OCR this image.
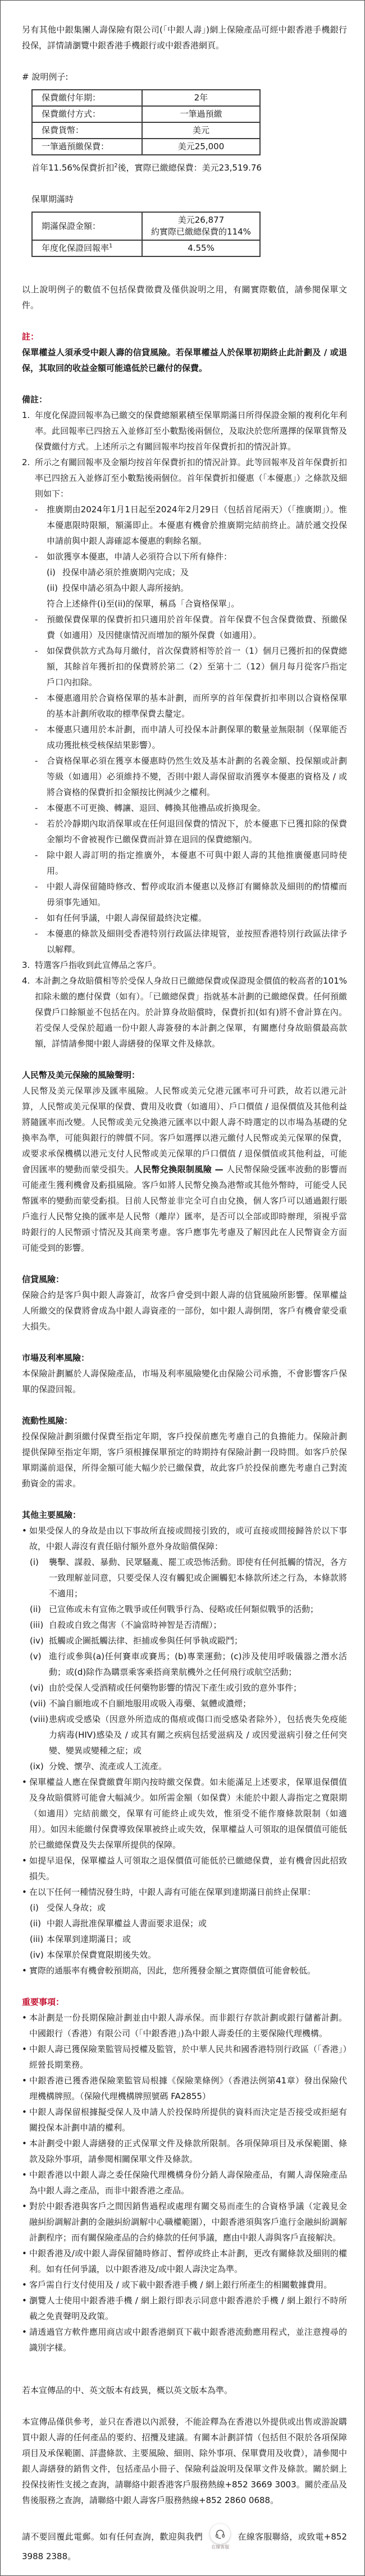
另有其他中銀集團人壽保險有限公司(「中銀人壽」)網上保險產品可經中銀香港手機銀行投保，詳情請瀏覽中銀香港手機銀行或中銀香港網頁。

# 說明例子:

保費繳付年期：	2年
保費繳付方式：	一筆過預繳
保費貨幣：	美元
一筆過預繳保費：	美元25,000

首年11.56%保費折扣$^2$後，實際已繳總保費：美元23,519.76

保單期滿時

期滿保證金額：	美元26,877
約實際已繳總保費的114%

年度化保證回報率$^1$	4.55%

以上說明例子的數值不包括保費徵費及僅供說明之用，有關實際數值，請參閱保單文件。

註：

保單權益人須承受中銀人壽的信貸風險。若保單權益人於保單初期終止此計劃及 / 或退保，其取回的收益金額可能遠低於已繳付的保費。

備註：

1. 年度化保證回報率為已繳交的保費總額累積至保單期滿日所得保證金額的複利化年利率。此回報率已四捨五入並修訂至小數點後兩個位，及取決於您所選擇的保單貨幣及保費繳付方式。上述所示之有關回報率均按首年保費折扣的情況計算。
2. 所示之有關回報率及金額均按首年保費折扣的情況計算。此等回報率及首年保費折扣率已四捨五入並修訂至小數點後兩個位。首年保費折扣優惠（「本優惠」）之條款及細則如下：
-	推廣期由2024年1月1日起至2024年2月29日（包括首尾兩天）（「推廣期」）。惟本優惠限時限額，額滿即止。本優惠有機會於推廣期完結前終止。請於遞交投保申請前與中銀人壽確認本優惠的剩餘名額。
-	如欲獲享本優惠，申請人必須符合以下所有條件：
(i) 投保申請必須於推廣期內完成；及
(ii) 投保申請必須為中銀人壽所接納。
符合上述條件(i)至(ii)的保單，稱爲「合資格保單」。
-	預繳保費保單的保費折扣只適用於首年保費。首年保費不包含保費徵費、預繳保費（如適用）及因健康情況而增加的額外保費（如適用）。
-	如保費供款方式為每月繳付，首次保費將相等於首一（1）個月已獲折扣的保費總額，其餘首年獲折扣的保費將於第二（2）至第十二（12）個月每月從客戶指定戶口內扣除。
-	本優惠適用於合資格保單的基本計劃，而所享的首年保費折扣率則以合資格保單的基本計劃所收取的標準保費去釐定。
-	本優惠只適用於本計劃，而申請人可投保本計劃保單的數量並無限制（保單能否成功獲批核受核保結果影響）。
-	合資格保單必須在獲享本優惠時仍然生效及基本計劃的名義金額、投保額或計劃等級（如適用）必須維持不變，否則中銀人壽保留取消獲享本優惠的資格及 / 或將合資格的保費折扣金額按比例減少之權利。
-	本優惠不可更換、轉讓、退回、轉換其他禮品或折換現金。
-	若於冷靜期內取消保單或在任何退回保費的情況下，於本優惠下已獲扣除的保費金額均不會被視作已繳保費而計算在退回的保費總額內。
-	除中銀人壽訂明的指定推廣外，本優惠不可與中銀人壽的其他推廣優惠同時使用。
-	中銀人壽保留隨時修改、暫停或取消本優惠以及修訂有關條款及細則的酌情權而毋須事先通知。
-	如有任何爭議，中銀人壽保留最終決定權。
-	本優惠的條款及細則受香港特別行政區法律規管，並按照香港特別行政區法律予以解釋。
3. 特選客戶指收到此宣傳品之客戶。
4. 本計劃之身故賠償相等於受保人身故日已繳總保費或保證現金價值的較高者的101%扣除未繳的應付保費（如有）。「已繳總保費」指就基本計劃的已繳總保費。任何預繳保費戶口餘額並不包括在內。於計算身故賠償時，保費折扣(如有)將不會計算在內。若受保人受保於超過一份中銀人壽簽發的本計劃之保單，有關應付身故賠償最高款額，詳情請參閱中銀人壽繕發的保單文件及條款。

人民幣及美元保險的風險聲明：

人民幣及美元保單涉及匯率風險。人民幣或美元兌港元匯率可升可跌，故若以港元計算，人民幣或美元保單的保費、費用及收費（如適用）、戶口價值 / 退保價值及其他利益將隨匯率而改變。人民幣或美元兌換港元匯率以中銀人壽不時選定的以市場為基礎的兌換率為準，可能與銀行的牌價不同。客戶如選擇以港元繳付人民幣或美元保單的保費，或要求承保機構以港元支付人民幣或美元保單的戶口價值 / 退保價值或其他利益，可能會因匯率的變動而蒙受損失。人民幣兌換限制風險 — 人民幣保險受匯率波動的影響而可能產生獲利機會及虧損風險。客戶如將人民幣兌換為港幣或其他外幣時，可能受人民幣匯率的變動而蒙受虧損。目前人民幣並非完全可自由兌換，個人客戶可以通過銀行賬戶進行人民幣兌換的匯率是人民幣（離岸）匯率，是否可以全部或即時辦理，須視乎當時銀行的人民幣頭寸情況及其商業考慮。客戶應事先考慮及了解因此在人民幣資金方面可能受到的影響。

信貸風險：

保險合約是客戶與中銀人壽簽訂，故客戶會受到中銀人壽的信貸風險所影響。保單權益人所繳交的保費將會成為中銀人壽資產的一部份，如中銀人壽倒閉，客戶有機會蒙受重大損失。

市場及利率風險：

本保險計劃屬於人壽保險產品，市場及利率風險變化由保險公司承擔，不會影響客戶保單的保證回報。

流動性風險：

投保保險計劃須繳付保費至指定年期，客戶投保前應先考慮自己的負擔能力。保險計劃提供保障至指定年期，客戶須根據保單預定的時期持有保險計劃一段時間。如客戶於保單期滿前退保，所得金額可能大幅少於已繳保費，故此客戶於投保前應先考慮自己對流動資金的需求。

其他主要風險：

• 如果受保人的身故是由以下事故所直接或間接引致的，或可直接或間接歸咎於以下事故，中銀人壽沒有責任賠付額外意外身故賠償保障：
(i)	襲擊、謀殺、暴動、民眾騷亂、罷工或恐怖活動。即使有任何抵觸的情況，各方一致理解並同意，只要受保人沒有觸犯或企圖觸犯本條款所述之行為，本條款將不適用；
(ii) 已宣佈或未有宣佈之戰爭或任何戰爭行為、侵略或任何類似戰爭的活動；
(iii) 自殺或自致之傷害（不論當時神智是否清醒）；
(iv) 抵觸或企圖抵觸法律、拒捕或參與任何爭執或毆鬥；
(v) 進行或參與(a)任何賽車或賽馬；(b)專業運動；(c)涉及使用呼吸儀器之潛水活動；或(d)除作為購票乘客乘搭商業航機外之任何飛行或航空活動；
(vi) 由於受保人受酒精或任何藥物影響的情況下產生或引致的意外事件；
(vii) 不論自願地或不自願地服用或吸入毒藥、氣體或濃煙；
(viii) 患病或受感染（因意外所造成的傷痕或傷口而受感染者除外），包括喪失免疫能力病毒(HIV)感染及 / 或其有關之疾病包括愛滋病及 / 或因愛滋病引發之任何突變、變異或變種之症；或
(ix) 分娩、懷孕、流產或人工流產。
• 保單權益人應在保費繳費年期內按時繳交保費。如未能滿足上述要求，保單退保價值及身故賠償將可能會大幅減少。如所需金額（如保費）未能於中銀人壽指定之寬限期（如適用）完結前繳交，保單有可能終止或失效，惟須受不能作廢條款限制（如適用）。如因未能繳付保費導致保單被終止或失效，保單權益人可領取的退保價值可能低於已繳總保費及失去保單所提供的保障。
• 如提早退保，保單權益人可領取之退保價值可能低於已繳總保費，並有機會因此招致損失。
• 在以下任何一種情況發生時，中銀人壽有可能在保單到達期滿日前終止保單：
(i) 受保人身故；或
(ii) 中銀人壽批准保單權益人書面要求退保；或
(iii) 本保單到達期滿日；或
(iv) 本保單於保費寬限期後失效。
• 實際的通脹率有機會較預期高，因此，您所獲發金額之實際價值可能會較低。

重要事項：

• 本計劃是一份長期保險計劃並由中銀人壽承保。而非銀行存款計劃或銀行儲蓄計劃。中國銀行（香港）有限公司（「中銀香港」)為中銀人壽委任的主要保險代理機構。
• 中銀人壽已獲保險業監管局授權及監管，於中華人民共和國香港特別行政區（「香港」）經營長期業務。
• 中銀香港已獲香港保險業監管局根據《保險業條例》（香港法例第41章）發出保險代理機構牌照。（保險代理機構牌照號碼 FA2855）
• 中銀人壽保留根據擬受保人及申請人於投保時所提供的資料而決定是否接受或拒絕有關投保本計劃申請的權利。
• 本計劃受中銀人壽繕發的正式保單文件及條款所限制。各項保障項目及承保範圍、條款及除外事項，請參閱相關保單文件及條款。
• 中銀香港以中銀人壽之委任保險代理機構身份分銷人壽保險產品，有關人壽保險產品為中銀人壽之產品，而非中銀香港之產品。
• 對於中銀香港與客戶之間因銷售過程或處理有關交易而產生的合資格爭議（定義見金融糾紛調解計劃的金融糾紛調解中心職權範圍），中銀香港須與客戶進行金融糾紛調解計劃程序；而有關保險產品的合約條款的任何爭議，應由中銀人壽與客戶直接解決。
• 中銀香港及/或中銀人壽保留隨時修訂、暫停或終止本計劃，更改有關條款及細則的權利。如有任何爭議，以中銀香港及/或中銀人壽決定為準。
• 客戶需自行支付使用及 / 或下載中銀香港手機 / 網上銀行所產生的相關數據費用。
• 瀏覽人士使用中銀香港手機 / 網上銀行即表示同意中銀香港於手機 / 網上銀行不時所載之免責聲明及政策。
• 請透過官方軟件應用商店或中銀香港網頁下載中銀香港流動應用程式，並注意搜尋的識別字樣。

若本宣傳品的中、英文版本有歧異，概以英文版本為準。

本宣傳品僅供參考，並只在香港以內派發，不能詮釋為在香港以外提供或出售或游說購買中銀人壽的任何產品的要約、招攬及建議。有關本計劃詳情（包括但不限於各項保障項目及承保範圍、詳盡條款、主要風險、細則、除外事項、保單費用及收費），請參閱中銀人壽繕發的銷售文件，包括產品小冊子、保險利益說明及保單文件及條款。關於網上投保技術性支援之查詢，請聯絡中銀香港客戶服務熱線+852 3669 3003。關於產品及售後服務之查詢，請聯絡中銀人壽客戶服務熱線+852 2860 0688。

請不要回覆此電郵。如有任何查詢，歡迎與我們
在線客服
在線客服聯絡，或致電+852 3988 2388。
